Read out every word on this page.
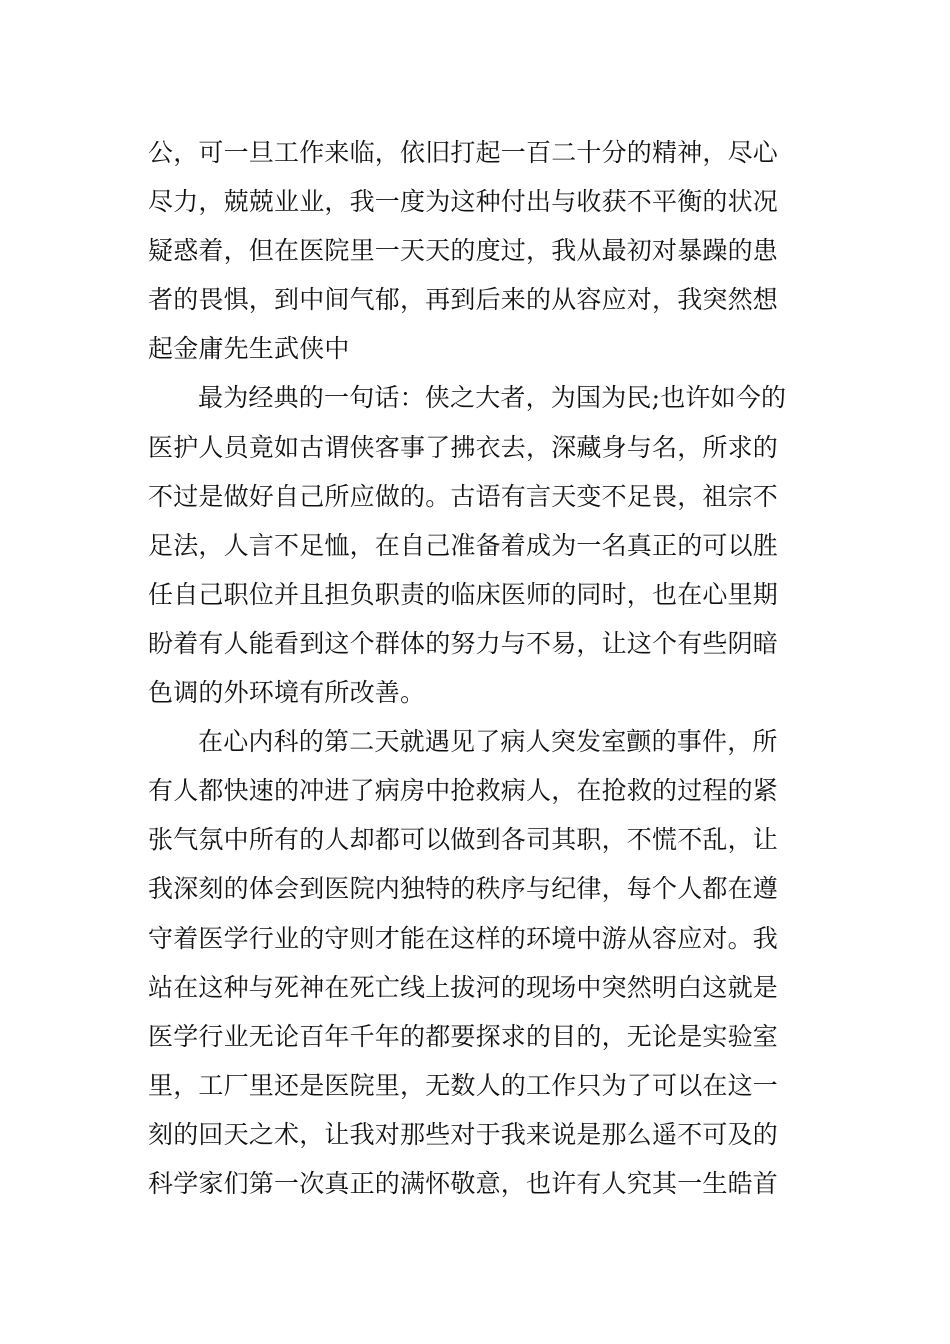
公，可一旦工作来临，依旧打起一百二十分的精神，尽心
尽力，兢兢业业，我一度为这种付出与收获不平衡的状况
疑惑着，但在医院里一天天的度过，我从最初对暴躁的患
者的畏惧，到中间气郁，再到后来的从容应对，我突然想
起金庸先生武侠中
最为经典的一句话：侠之大者，为国为民;也许如今的
医护人员竟如古谓侠客事了拂衣去，深藏身与名，所求的
不过是做好自己所应做的。古语有言天变不足畏，祖宗不
足法，人言不足恤，在自己准备着成为一名真正的可以胜
任自己职位并且担负职责的临床医师的同时，也在心里期
盼着有人能看到这个群体的努力与不易，让这个有些阴暗
色调的外环境有所改善。
在心内科的第二天就遇见了病人突发室颤的事件，所
有人都快速的冲进了病房中抢救病人，在抢救的过程的紧
张气氛中所有的人却都可以做到各司其职，不慌不乱，让
我深刻的体会到医院内独特的秩序与纪律，每个人都在遵
守着医学行业的守则才能在这样的环境中游从容应对。我
站在这种与死神在死亡线上拔河的现场中突然明白这就是
医学行业无论百年千年的都要探求的目的，无论是实验室
里，工厂里还是医院里，无数人的工作只为了可以在这一
刻的回天之术，让我对那些对于我来说是那么遥不可及的
科学家们第一次真正的满怀敬意，也许有人究其一生皓首
